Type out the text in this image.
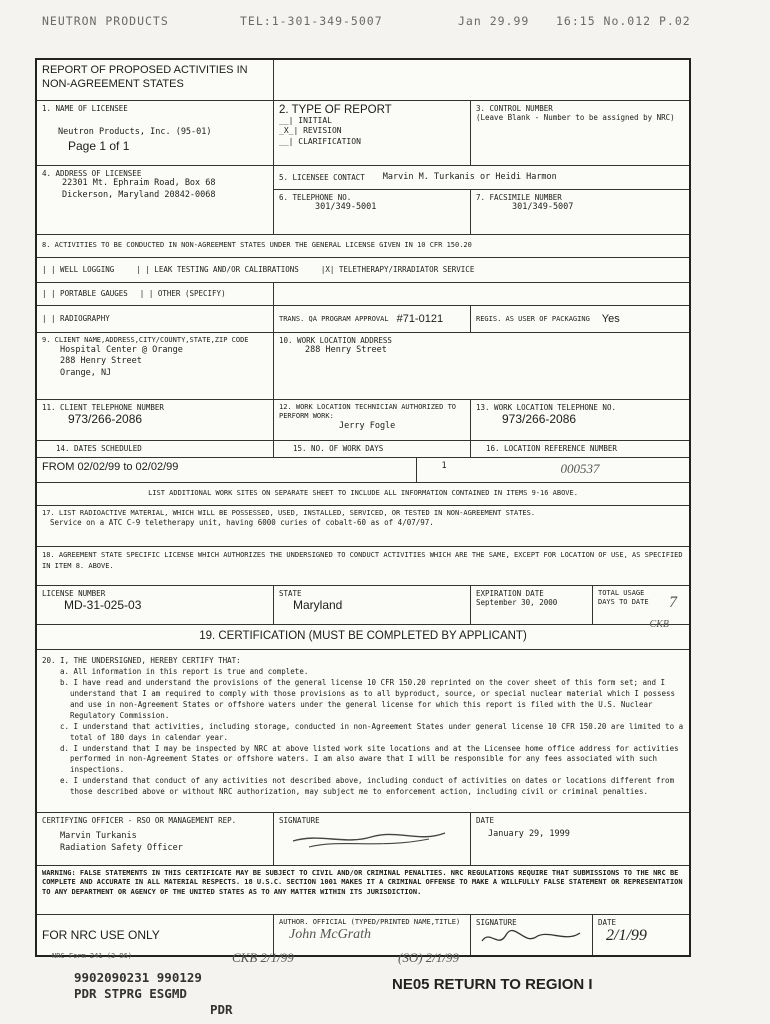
NEUTRON PRODUCTS	TEL:1-301-349-5007	Jan 29.99 16:15 No.012 P.02
REPORT OF PROPOSED ACTIVITIES IN NON-AGREEMENT STATES
1. NAME OF LICENSEE
Neutron Products, Inc. (95-01)
Page 1 of 1
2. TYPE OF REPORT
__| INITIAL
_X_| REVISION
__| CLARIFICATION
3. CONTROL NUMBER
(Leave Blank - Number to be assigned by NRC)
4. ADDRESS OF LICENSEE
22301 Mt. Ephraim Road, Box 68
Dickerson, Maryland 20842-0068
5. LICENSEE CONTACT Marvin M. Turkanis or Heidi Harmon
6. TELEPHONE NO.
301/349-5001
7. FACSIMILE NUMBER
301/349-5007
8. ACTIVITIES TO BE CONDUCTED IN NON-AGREEMENT STATES UNDER THE GENERAL LICENSE GIVEN IN 10 CFR 150.20
| | WELL LOGGING	| | LEAK TESTING AND/OR CALIBRATIONS	|X| TELETHERAPY/IRRADIATOR SERVICE
| | PORTABLE GAUGES | | OTHER (SPECIFY)
| | RADIOGRAPHY	TRANS. QA PROGRAM APPROVAL #71-0121	REGIS. AS USER OF PACKAGING Yes
9. CLIENT NAME,ADDRESS,CITY/COUNTY,STATE,ZIP CODE
Hospital Center @ Orange
288 Henry Street
Orange, NJ
10. WORK LOCATION ADDRESS
288 Henry Street
11. CLIENT TELEPHONE NUMBER
973/266-2086
12. WORK LOCATION TECHNICIAN AUTHORIZED TO PERFORM WORK:
Jerry Fogle
13. WORK LOCATION TELEPHONE NO.
973/266-2086
14. DATES SCHEDULED	15. NO. OF WORK DAYS	16. LOCATION REFERENCE NUMBER
FROM 02/02/99 to 02/02/99	1	000537
LIST ADDITIONAL WORK SITES ON SEPARATE SHEET TO INCLUDE ALL INFORMATION CONTAINED IN ITEMS 9-16 ABOVE.
17. LIST RADIOACTIVE MATERIAL, WHICH WILL BE POSSESSED, USED, INSTALLED, SERVICED, OR TESTED IN NON-AGREEMENT STATES.
Service on a ATC C-9 teletherapy unit, having 6000 curies of cobalt-60 as of 4/07/97.
18. AGREEMENT STATE SPECIFIC LICENSE WHICH AUTHORIZES THE UNDERSIGNED TO CONDUCT ACTIVITIES WHICH ARE THE SAME, EXCEPT FOR LOCATION OF USE, AS SPECIFIED IN ITEM 8. ABOVE.
LICENSE NUMBER
MD-31-025-03
STATE
Maryland
EXPIRATION DATE
September 30, 2000
TOTAL USAGE DAYS TO DATE	7
19. CERTIFICATION (MUST BE COMPLETED BY APPLICANT)
CKB
20. I, THE UNDERSIGNED, HEREBY CERTIFY THAT:
a. All information in this report is true and complete.
b. I have read and understand the provisions of the general license 10 CFR 150.20 reprinted on the cover sheet of this form set; and I understand that I am required to comply with those provisions as to all byproduct, source, or special nuclear material which I possess and use in non-Agreement States or offshore waters under the general license for which this report is filed with the U.S. Nuclear Regulatory Commission.
c. I understand that activities, including storage, conducted in non-Agreement States under general license 10 CFR 150.20 are limited to a total of 180 days in calendar year.
d. I understand that I may be inspected by NRC at above listed work site locations and at the Licensee home office address for activities performed in non-Agreement States or offshore waters. I am also aware that I will be responsible for any fees associated with such inspections.
e. I understand that conduct of any activities not described above, including conduct of activities on dates or locations different from those described above or without NRC authorization, may subject me to enforcement action, including civil or criminal penalties.
CERTIFYING OFFICER - RSO OR MANAGEMENT REP.
Marvin Turkanis
Radiation Safety Officer
SIGNATURE	DATE
January 29, 1999
WARNING: FALSE STATEMENTS IN THIS CERTIFICATE MAY BE SUBJECT TO CIVIL AND/OR CRIMINAL PENALTIES. NRC REGULATIONS REQUIRE THAT SUBMISSIONS TO THE NRC BE COMPLETE AND ACCURATE IN ALL MATERIAL RESPECTS. 18 U.S.C. SECTION 1001 MAKES IT A CRIMINAL OFFENSE TO MAKE A WILLFULLY FALSE STATEMENT OR REPRESENTATION TO ANY DEPARTMENT OR AGENCY OF THE UNITED STATES AS TO ANY MATTER WITHIN ITS JURISDICTION.
FOR NRC USE ONLY
AUTHOR. OFFICIAL (TYPED/PRINTED NAME,TITLE)
John McGrath
SIGNATURE	DATE
2/1/99
NRC Form 241 (3-96)	CKB 2/1/99	(SO) 2/1/99
9902090231 990129
PDR STPRG ESGMD
PDR
NE05 RETURN TO REGION I
